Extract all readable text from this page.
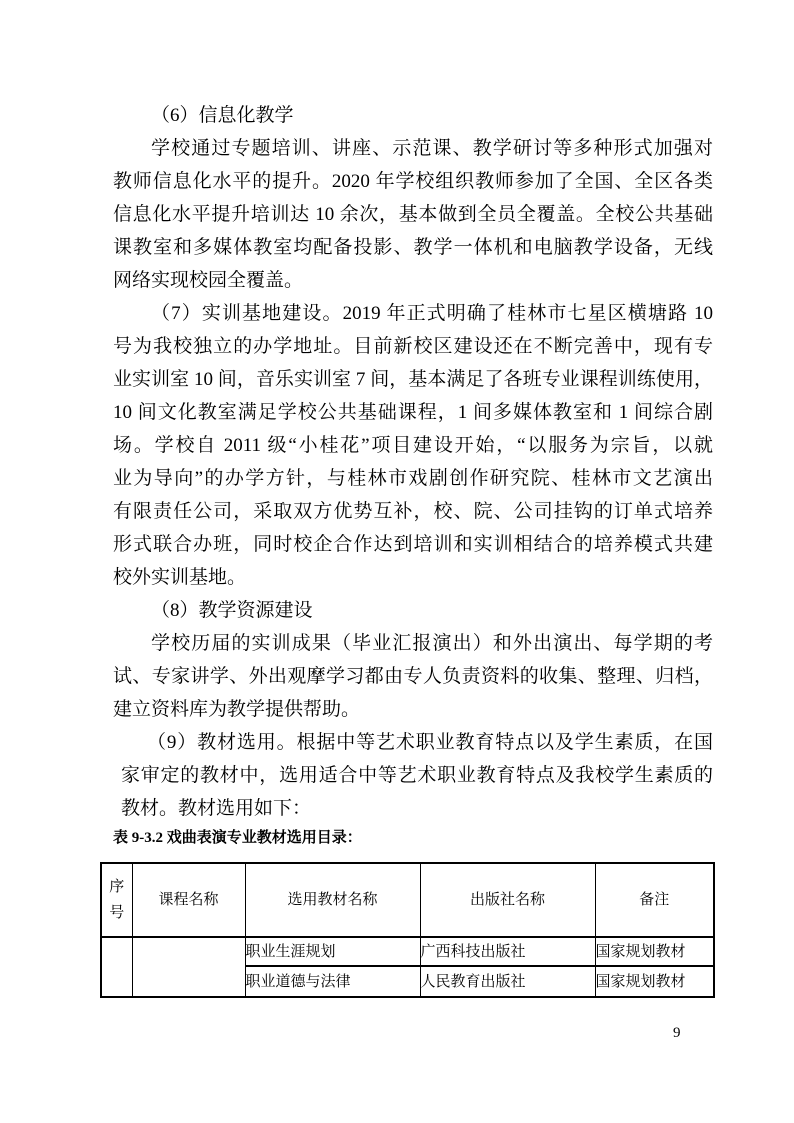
（6）信息化教学
学校通过专题培训、讲座、示范课、教学研讨等多种形式加强对
教师信息化水平的提升。2020 年学校组织教师参加了全国、全区各类
信息化水平提升培训达 10 余次，基本做到全员全覆盖。全校公共基础
课教室和多媒体教室均配备投影、教学一体机和电脑教学设备，无线
网络实现校园全覆盖。
（7）实训基地建设。2019 年正式明确了桂林市七星区横塘路 10
号为我校独立的办学地址。目前新校区建设还在不断完善中，现有专
业实训室 10 间，音乐实训室 7 间，基本满足了各班专业课程训练使用，
10 间文化教室满足学校公共基础课程，1 间多媒体教室和 1 间综合剧
场。学校自 2011 级“小桂花”项目建设开始，“以服务为宗旨，以就
业为导向”的办学方针，与桂林市戏剧创作研究院、桂林市文艺演出
有限责任公司，采取双方优势互补，校、院、公司挂钩的订单式培养
形式联合办班，同时校企合作达到培训和实训相结合的培养模式共建
校外实训基地。
（8）教学资源建设
学校历届的实训成果（毕业汇报演出）和外出演出、每学期的考
试、专家讲学、外出观摩学习都由专人负责资料的收集、整理、归档，
建立资料库为教学提供帮助。
（9）教材选用。根据中等艺术职业教育特点以及学生素质，在国
家审定的教材中，选用适合中等艺术职业教育特点及我校学生素质的
教材。教材选用如下：
表 9-3.2 戏曲表演专业教材选用目录：
序号	课程名称	选用教材名称	出版社名称	备注
		职业生涯规划	广西科技出版社	国家规划教材
		职业道德与法律	人民教育出版社	国家规划教材
9
